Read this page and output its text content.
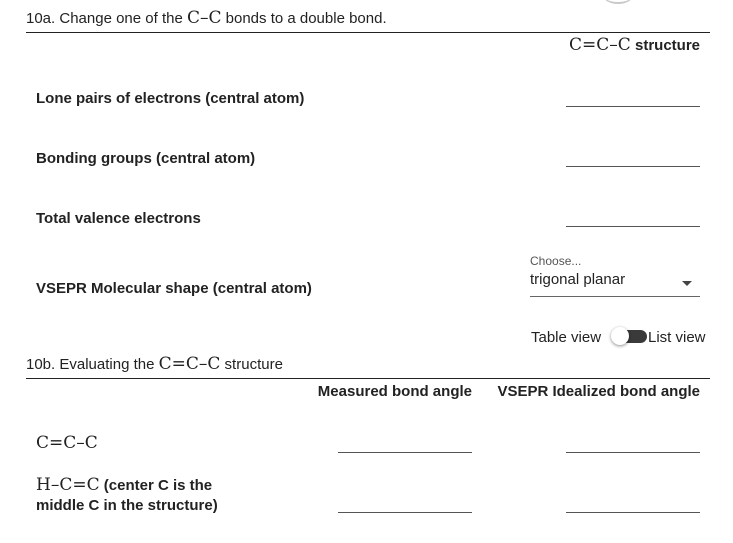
10a. Change one of the C–C bonds to a double bond.
C=C–C structure
Lone pairs of electrons (central atom)
Bonding groups (central atom)
Total valence electrons
VSEPR Molecular shape (central atom)
Choose...
trigonal planar
Table view	List view
10b. Evaluating the C=C–C structure
Measured bond angle VSEPR Idealized bond angle
C=C–C
H–C=C (center C is the
middle C in the structure)
